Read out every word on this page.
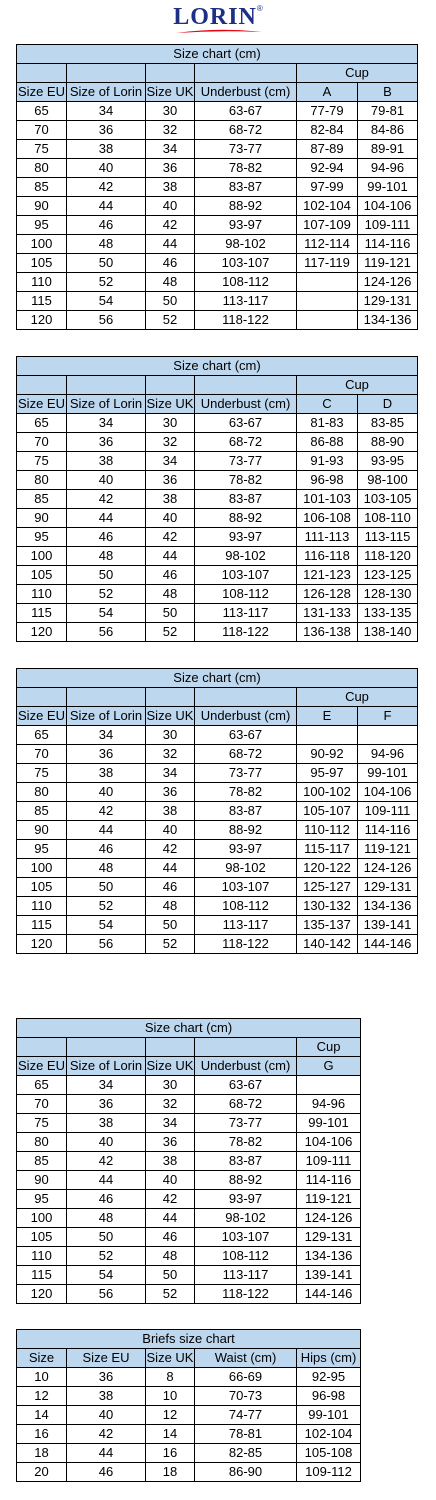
LORIN®
Size chart (cm)					
				Cup	
Size EU	Size of Lorin	Size UK	Underbust (cm)	A	B
65	34	30	63-67	77-79	79-81
70	36	32	68-72	82-84	84-86
75	38	34	73-77	87-89	89-91
80	40	36	78-82	92-94	94-96
85	42	38	83-87	97-99	99-101
90	44	40	88-92	102-104	104-106
95	46	42	93-97	107-109	109-111
100	48	44	98-102	112-114	114-116
105	50	46	103-107	117-119	119-121
110	52	48	108-112		124-126
115	54	50	113-117		129-131
120	56	52	118-122		134-136
Size chart (cm)					
				Cup	
Size EU	Size of Lorin	Size UK	Underbust (cm)	C	D
65	34	30	63-67	81-83	83-85
70	36	32	68-72	86-88	88-90
75	38	34	73-77	91-93	93-95
80	40	36	78-82	96-98	98-100
85	42	38	83-87	101-103	103-105
90	44	40	88-92	106-108	108-110
95	46	42	93-97	111-113	113-115
100	48	44	98-102	116-118	118-120
105	50	46	103-107	121-123	123-125
110	52	48	108-112	126-128	128-130
115	54	50	113-117	131-133	133-135
120	56	52	118-122	136-138	138-140
Size chart (cm)					
				Cup	
Size EU	Size of Lorin	Size UK	Underbust (cm)	E	F
65	34	30	63-67		
70	36	32	68-72	90-92	94-96
75	38	34	73-77	95-97	99-101
80	40	36	78-82	100-102	104-106
85	42	38	83-87	105-107	109-111
90	44	40	88-92	110-112	114-116
95	46	42	93-97	115-117	119-121
100	48	44	98-102	120-122	124-126
105	50	46	103-107	125-127	129-131
110	52	48	108-112	130-132	134-136
115	54	50	113-117	135-137	139-141
120	56	52	118-122	140-142	144-146
Size chart (cm)				
				Cup
Size EU	Size of Lorin	Size UK	Underbust (cm)	G
65	34	30	63-67	
70	36	32	68-72	94-96
75	38	34	73-77	99-101
80	40	36	78-82	104-106
85	42	38	83-87	109-111
90	44	40	88-92	114-116
95	46	42	93-97	119-121
100	48	44	98-102	124-126
105	50	46	103-107	129-131
110	52	48	108-112	134-136
115	54	50	113-117	139-141
120	56	52	118-122	144-146
Briefs size chart				
Size	Size EU	Size UK	Waist (cm)	Hips (cm)
10	36	8	66-69	92-95
12	38	10	70-73	96-98
14	40	12	74-77	99-101
16	42	14	78-81	102-104
18	44	16	82-85	105-108
20	46	18	86-90	109-112
